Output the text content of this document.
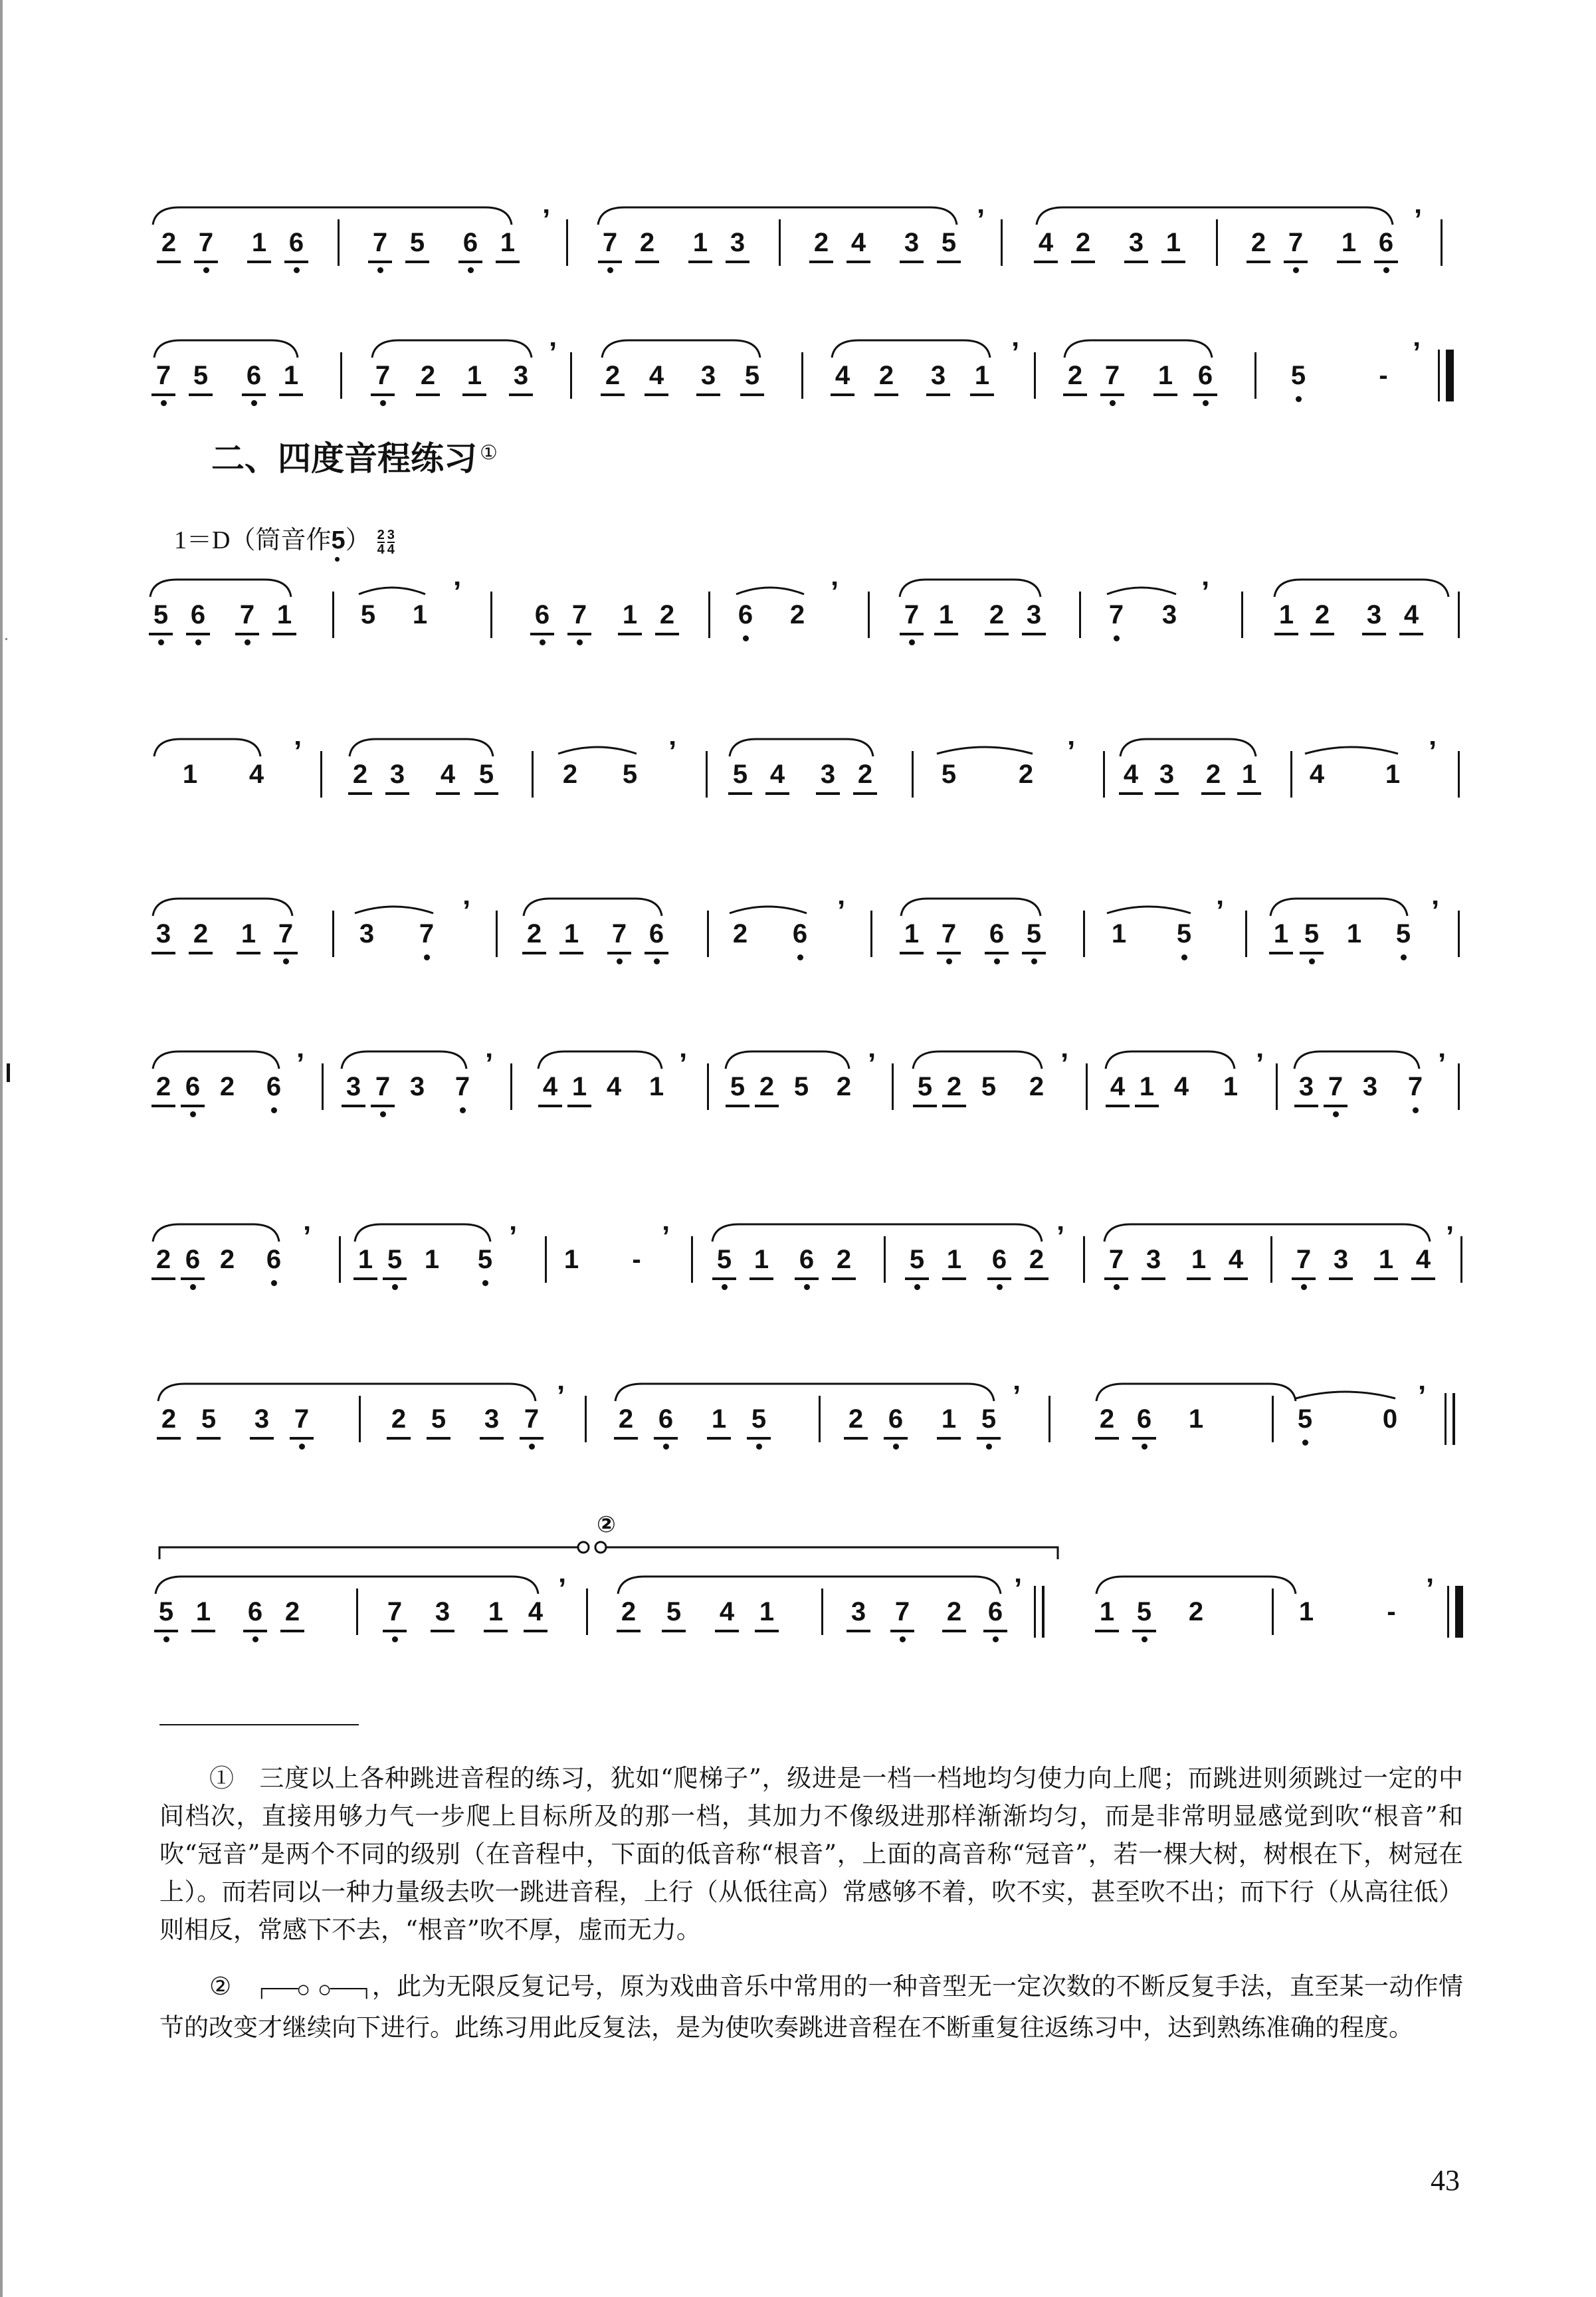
2 7 1 6	7 5 6 1
’
7 2 1 3	2 4 3 5
’
4 2 3 1	2 7 1 6
’
7 5 6 1	7 2 1 3
’
2 4 3 5	4 2 3 1
’
2 7 1 6	5	-
’
5 6 7 1	5 1
’
6 7 1 2 6 2
’
7 1 2 3	7 3
’
1 2 3 4
1 4
’
2 3 4 5	2 5
’
5 4 3 2	5 2
’
4 3 2 1 4 1
’
3 2 1 7 3 7
’
2 1 7 6	2 6
’
1 7 6 5	1 5
’
1 5 1 5
’
2 6 2 6
’
3 7 3 7
’
4 1 4 1
’
5 2 5 2
’
5 2 5 2
’
4 1 4 1
’
3 7 3 7
’
2 6 2 6
’
1 5 1 5
’
1 -
’
5 1 6 2 5 1 6 2
’
7 3 1 4 7 3 1 4
’
2 5 3 7	2 5 3 7
’
2 6 1 5	2 6 1 5
’
2 6 1	5	0
’
5 1 6 2	7 3 1 4
’
2 5 4 1	3 7 2 6
’
1 5 2	1	-
’
二、四度音程练习 ①
1＝D（筒音作$5) \frac{2}{4} \frac{3}{4}$
②
①　 三度以上各种跳进音程的练习，犹如“爬梯子”，级进是一档一档地均匀使力向上爬；而跳进则须跳过一定的中间档次，直接用够力气一步爬上目标所及的那一档，其加力不像级进那样渐渐均匀，而是非常明显感觉到吹“根音”和吹“冠音”是两个不同的级别（在音程中，下面的低音称“根音”，上面的高音称“冠音”，若一棵大树，树根在下，树冠在上）。而若同以一种力量级去吹一跳进音程，上行（从低往高）常感够不着，吹不实，甚至吹不出；而下行（从高往低）则相反，常感下不去，“根音”吹不厚，虚而无力。
②　 ┌───○ ○───┐，此为无限反复记号，原为戏曲音乐中常用的一种音型无一定次数的不断反复手法，直至某一动作情节的改变才继续向下进行。此练习用此反复法，是为使吹奏跳进音程在不断重复往返练习中，达到熟练准确的程度。
43
